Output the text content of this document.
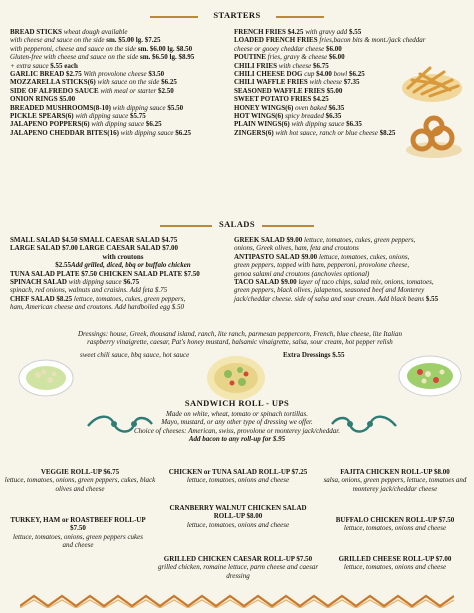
STARTERS
BREAD STICKS wheat dough available
with cheese and sauce on the side sm. $5.00 lg. $7.25
with pepperoni, cheese and sauce on the side sm. $6.00 lg. $8.50
Gluten-free with cheese and sauce on the side sm. $6.50 lg. $8.95
+ extra sauce $.55 each
GARLIC BREAD $2.75 With provolone cheese $3.50
MOZZARELLA STICKS(6) with sauce on the side $6.25
SIDE OF ALFREDO SAUCE with meal or starter $2.50
ONION RINGS $5.00
BREADED MUSHROOMS(8-10) with dipping sauce $5.50
PICKLE SPEARS(6) with dipping sauce $5.75
JALAPENO POPPERS(6) with dipping sauce $6.25
JALAPENO CHEDDAR BITES(16) with dipping sauce $6.25
FRENCH FRIES $4.25 with gravy add $.55
LOADED FRENCH FRIES fries,bacon bits & mont./jack cheddar
cheese or gooey cheddar cheese $6.00
POUTINE fries, gravy & cheese $6.00
CHILI FRIES with cheese $6.75
CHILI CHEESE DOG cup $4.00 bowl $6.25
CHILI WAFFLE FRIES with cheese $7.35
SEASONED WAFFLE FRIES $5.00
SWEET POTATO FRIES $4.25
HONEY WINGS(6) oven baked $6.35
HOT WINGS(6) spicy breaded $6.35
PLAIN WINGS(6) with dipping sauce $6.35
ZINGERS(6) with hot sauce, ranch or blue cheese $8.25
SALADS
SMALL SALAD $4.50 SMALL CAESAR SALAD $4.75
LARGE SALAD $7.00 LARGE CAESAR SALAD $7.00
with croutons
$2.55Add grilled, diced, bbq or buffalo chicken
TUNA SALAD PLATE $7.50 CHICKEN SALAD PLATE $7.50
SPINACH SALAD with dipping sauce $6.75
spinach, red onions, walnuts and craisins. Add feta $.75
CHEF SALAD $8.25 lettuce, tomatoes, cukes, green peppers,
ham, American cheese and croutons. Add hardboiled egg $.50
GREEK SALAD $9.00 lettuce, tomatoes, cukes, green peppers,
onions, Greek olives, ham, feta and croutons
ANTIPASTO SALAD $9.00 lettuce, tomatoes, cukes, onions,
green peppers, topped with ham, pepperoni, provolone cheese,
genoa salami and croutons (anchovies optional)
TACO SALAD $9.00 layer of taco chips, salad mix, onions, tomatoes,
green peppers, black olives, jalapenos, seasoned beef and Monterey
jack/cheddar cheese. side of salsa and sour cream. Add black beans $.55
Dressings: house, Greek, thousand island, ranch, lite ranch, parmesan peppercorn, French, blue cheese, lite Italian
raspberry vinaigrette, caesar, Pat's honey mustard, balsamic vinaigrette, salsa, sour cream, hot pepper relish
sweet chili sauce, bbq sauce, hot sauce	Extra Dressings $.55
SANDWICH ROLL - UPS
Made on white, wheat, tomato or spinach tortillas.
Mayo, mustard, or any other type of dressing we offer.
Choice of cheeses: American, swiss, provolone or monterey jack/cheddar.
Add bacon to any roll-up for $.95
VEGGIE ROLL-UP $6.75
lettuce, tomatoes, onions, green peppers, cukes, black olives and cheese
CHICKEN or TUNA SALAD ROLL-UP $7.25
lettuce, tomatoes, onions and cheese
FAJITA CHICKEN ROLL-UP $8.00
salsa, onions, green peppers, lettuce, tomatoes and monterey jack/cheddar cheese
TURKEY, HAM or ROASTBEEF ROLL-UP $7.50
lettuce, tomatoes, onions, green peppers cukes and cheese
CRANBERRY WALNUT CHICKEN SALAD ROLL-UP $8.00
lettuce, tomatoes, onions and cheese
BUFFALO CHICKEN ROLL-UP $7.50
lettuce, tomatoes, onions and cheese
GRILLED CHICKEN CAESAR ROLL-UP $7.50
grilled chicken, romaine lettuce, parm cheese and caesar dressing
GRILLED CHEESE ROLL-UP $7.00
lettuce, tomatoes, onions and cheese
